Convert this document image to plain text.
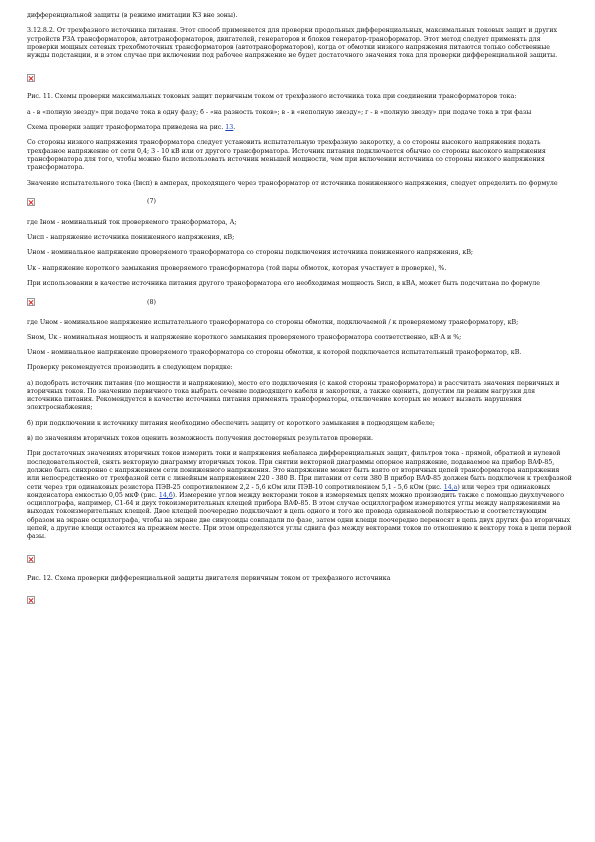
дифференциальной защиты (в режиме имитации КЗ вне зоны).

3.12.8.2. От трехфазного источника питания. Этот способ применяется для проверки продольных дифференциальных, максимальных токовых защит и других устройств РЗА трансформаторов, автотрансформаторов, двигателей, генераторов и блоков генератор-трансформатор. Этот метод следует применять для проверки мощных сетевых трехобмоточных трансформаторов (автотрансформаторов), когда от обмотки низкого напряжения питаются только собственные нужды подстанции, и в этом случае при включении под рабочее напряжение не будет достаточного значения тока для проверки дифференциальной защиты.

Рис. 11. Схемы проверки максимальных токовых защит первичным током от трехфазного источника тока при соединении трансформаторов тока:

а - в «полную звезду» при подаче тока в одну фазу; б - «на разность токов»; в - в «неполную звезду»; г - в «полную звезду» при подаче тока в три фазы

Схема проверки защит трансформатора приведена на рис. 13.

Со стороны низкого напряжения трансформатора следует установить испытательную трехфазную закоротку, а со стороны высокого напряжения подать трехфазное напряжение от сети 0,4; 3 - 10 кВ или от другого трансформатора. Источник питания подключается обычно со стороны высокого напряжения трансформатора для того, чтобы можно было использовать источник меньшей мощности, чем при включении источника со стороны низкого напряжения трансформатора.

Значение испытательного тока (Iисп) в амперах, проходящего через трансформатор от источника пониженного напряжения, следует определить по формуле

(7)

где Iном - номинальный ток проверяемого трансформатора, А;

Uисп - напряжение источника пониженного напряжения, кВ;

Uном - номинальное напряжение проверяемого трансформатора со стороны подключения источника пониженного напряжения, кВ;

Uк - напряжение короткого замыкания проверяемого трансформатора (той пары обмоток, которая участвует в проверке), %.

При использовании в качестве источника питания другого трансформатора его необходимая мощность Sисп, в кВА, может быть подсчитана по формуле

(8)

где Uном - номинальное напряжение испытательного трансформатора со стороны обмотки, подключаемой / к проверяемому трансформатору, кВ;

Sном, Uк - номинальная мощность и напряжение короткого замыкания проверяемого трансформатора соответственно, кВ·А и %;

Uном - номинальное напряжение проверяемого трансформатора со стороны обмотки, к которой подключается испытательный трансформатор, кВ.

Проверку рекомендуется производить в следующем порядке:

а) подобрать источник питания (по мощности и напряжению), место его подключения (с какой стороны трансформатора) и рассчитать значения первичных и вторичных токов. По значению первичного тока выбрать сечение подводящего кабеля и закоротки, а также оценить, допустим ли режим нагрузки для источника питания. Рекомендуется в качестве источника питания применять трансформаторы, отключение которых не может вызвать нарушения электроснабжения;

б) при подключении к источнику питания необходимо обеспечить защиту от короткого замыкания в подводящем кабеле;

в) по значениям вторичных токов оценить возможность получения достоверных результатов проверки.

При достаточных значениях вторичных токов измерить токи и напряжения небаланса дифференциальных защит, фильтров тока - прямой, обратной и нулевой последовательностей, снять векторную диаграмму вторичных токов. При снятии векторной диаграммы опорное напряжение, подаваемое на прибор ВАФ-85, должно быть синхронно с напряжением сети пониженного напряжения. Это напряжение может быть взято от вторичных цепей трансформатора напряжения или непосредственно от трехфазной сети с линейным напряжением 220 - 380 В. При питании от сети 380 В прибор ВАФ-85 должен быть подключен к трехфазной сети через три одинаковых резистора ПЭВ-25 сопротивлением 2,2 - 5,6 кОм или ПЭВ-10 сопротивлением 5,1 - 5,6 кОм (рис. 14,а) или через три одинаковых конденсатора емкостью 0,05 мкФ (рис. 14,б). Измерение углов между векторами токов в измеряемых цепях можно производить также с помощью двухлучевого осциллографа, например, С1-64 и двух токоизмерительных клещей прибора ВАФ-85. В этом случае осциллографом измеряются углы между напряжениями на выходах токоизмерительных клещей. Двое клещей поочередно подключают в цепь одного и того же провода одинаковой полярностью и соответствующим образом на экране осциллографа, чтобы на экране две синусоиды совпадали по фазе, затем одни клещи поочередно переносят в цепь двух других фаз вторичных цепей, а другие клещи остаются на прежнем месте. При этом определяются углы сдвига фаз между векторами токов по отношению к вектору тока в цепи первой фазы.

Рис. 12. Схема проверки дифференциальной защиты двигателя первичным током от трехфазного источника
